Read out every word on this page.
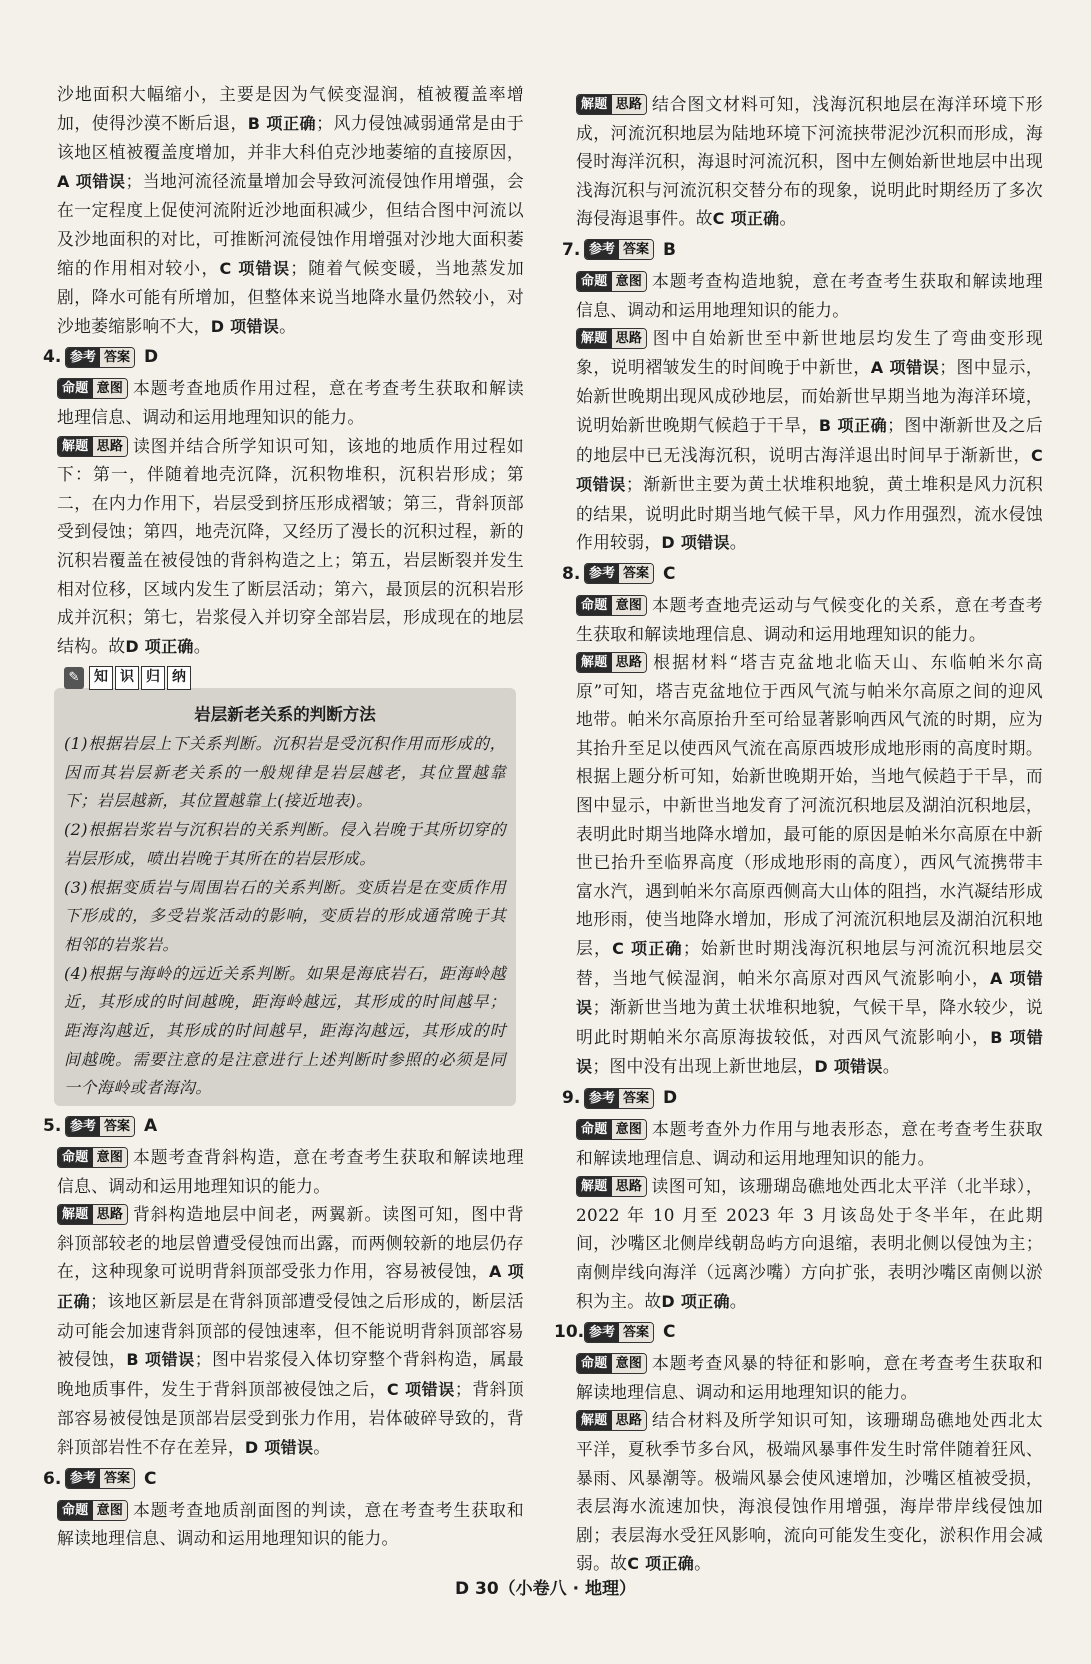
沙地面积大幅缩小，主要是因为气候变湿润，植被覆盖率增加，使得沙漠不断后退，B 项正确；风力侵蚀减弱通常是由于该地区植被覆盖度增加，并非大科伯克沙地萎缩的直接原因，A 项错误；当地河流径流量增加会导致河流侵蚀作用增强，会在一定程度上促使河流附近沙地面积减少，但结合图中河流以及沙地面积的对比，可推断河流侵蚀作用增强对沙地大面积萎缩的作用相对较小，C 项错误；随着气候变暖，当地蒸发加剧，降水可能有所增加，但整体来说当地降水量仍然较小，对沙地萎缩影响不大，D 项错误。

4. 参考 答案 D

命题 意图 本题考查地质作用过程，意在考查考生获取和解读地理信息、调动和运用地理知识的能力。

解题 思路 读图并结合所学知识可知，该地的地质作用过程如下：第一，伴随着地壳沉降，沉积物堆积，沉积岩形成；第二，在内力作用下，岩层受到挤压形成褶皱；第三，背斜顶部受到侵蚀；第四，地壳沉降，又经历了漫长的沉积过程，新的沉积岩覆盖在被侵蚀的背斜构造之上；第五，岩层断裂并发生相对位移，区域内发生了断层活动；第六，最顶层的沉积岩形成并沉积；第七，岩浆侵入并切穿全部岩层，形成现在的地层结构。故D 项正确。

岩层新老关系的判断方法

(1)根据岩层上下关系判断。沉积岩是受沉积作用而形成的，因而其岩层新老关系的一般规律是岩层越老，其位置越靠下；岩层越新，其位置越靠上(接近地表)。

(2)根据岩浆岩与沉积岩的关系判断。侵入岩晚于其所切穿的岩层形成，喷出岩晚于其所在的岩层形成。

(3)根据变质岩与周围岩石的关系判断。变质岩是在变质作用下形成的，多受岩浆活动的影响，变质岩的形成通常晚于其相邻的岩浆岩。

(4)根据与海岭的远近关系判断。如果是海底岩石，距海岭越近，其形成的时间越晚，距海岭越远，其形成的时间越早；距海沟越近，其形成的时间越早，距海沟越远，其形成的时间越晚。需要注意的是注意进行上述判断时参照的必须是同一个海岭或者海沟。

✎	知 识 归 纳
5. 参考 答案 A

命题 意图 本题考查背斜构造，意在考查考生获取和解读地理信息、调动和运用地理知识的能力。

解题 思路 背斜构造地层中间老，两翼新。读图可知，图中背斜顶部较老的地层曾遭受侵蚀而出露，而两侧较新的地层仍存在，这种现象可说明背斜顶部受张力作用，容易被侵蚀，A 项正确；该地区新层是在背斜顶部遭受侵蚀之后形成的，断层活动可能会加速背斜顶部的侵蚀速率，但不能说明背斜顶部容易被侵蚀，B 项错误；图中岩浆侵入体切穿整个背斜构造，属最晚地质事件，发生于背斜顶部被侵蚀之后，C 项错误；背斜顶部容易被侵蚀是顶部岩层受到张力作用，岩体破碎导致的，背斜顶部岩性不存在差异，D 项错误。

6. 参考 答案 C

命题 意图 本题考查地质剖面图的判读，意在考查考生获取和解读地理信息、调动和运用地理知识的能力。

解题 思路 结合图文材料可知，浅海沉积地层在海洋环境下形成，河流沉积地层为陆地环境下河流挟带泥沙沉积而形成，海侵时海洋沉积，海退时河流沉积，图中左侧始新世地层中出现浅海沉积与河流沉积交替分布的现象，说明此时期经历了多次海侵海退事件。故C 项正确。

7. 参考 答案 B

命题 意图 本题考查构造地貌，意在考查考生获取和解读地理信息、调动和运用地理知识的能力。

解题 思路 图中自始新世至中新世地层均发生了弯曲变形现象，说明褶皱发生的时间晚于中新世，A 项错误；图中显示，始新世晚期出现风成砂地层，而始新世早期当地为海洋环境，说明始新世晚期气候趋于干旱，B 项正确；图中渐新世及之后的地层中已无浅海沉积，说明古海洋退出时间早于渐新世，C 项错误；渐新世主要为黄土状堆积地貌，黄土堆积是风力沉积的结果，说明此时期当地气候干旱，风力作用强烈，流水侵蚀作用较弱，D 项错误。

8. 参考 答案 C

命题 意图 本题考查地壳运动与气候变化的关系，意在考查考生获取和解读地理信息、调动和运用地理知识的能力。

解题 思路 根据材料“塔吉克盆地北临天山、东临帕米尔高原”可知，塔吉克盆地位于西风气流与帕米尔高原之间的迎风地带。帕米尔高原抬升至可给显著影响西风气流的时期，应为其抬升至足以使西风气流在高原西坡形成地形雨的高度时期。根据上题分析可知，始新世晚期开始，当地气候趋于干旱，而图中显示，中新世当地发育了河流沉积地层及湖泊沉积地层，表明此时期当地降水增加，最可能的原因是帕米尔高原在中新世已抬升至临界高度（形成地形雨的高度），西风气流携带丰富水汽，遇到帕米尔高原西侧高大山体的阻挡，水汽凝结形成地形雨，使当地降水增加，形成了河流沉积地层及湖泊沉积地层，C 项正确；始新世时期浅海沉积地层与河流沉积地层交替，当地气候湿润，帕米尔高原对西风气流影响小，A 项错误；渐新世当地为黄土状堆积地貌，气候干旱，降水较少，说明此时期帕米尔高原海拔较低，对西风气流影响小，B 项错误；图中没有出现上新世地层，D 项错误。

9. 参考 答案 D

命题 意图 本题考查外力作用与地表形态，意在考查考生获取和解读地理信息、调动和运用地理知识的能力。

解题 思路 读图可知，该珊瑚岛礁地处西北太平洋（北半球），2022 年 10 月至 2023 年 3 月该岛处于冬半年，在此期间，沙嘴区北侧岸线朝岛屿方向退缩，表明北侧以侵蚀为主；南侧岸线向海洋（远离沙嘴）方向扩张，表明沙嘴区南侧以淤积为主。故D 项正确。

10. 参考 答案 C

命题 意图 本题考查风暴的特征和影响，意在考查考生获取和解读地理信息、调动和运用地理知识的能力。

解题 思路 结合材料及所学知识可知，该珊瑚岛礁地处西北太平洋，夏秋季节多台风，极端风暴事件发生时常伴随着狂风、暴雨、风暴潮等。极端风暴会使风速增加，沙嘴区植被受损，表层海水流速加快，海浪侵蚀作用增强，海岸带岸线侵蚀加剧；表层海水受狂风影响，流向可能发生变化，淤积作用会减弱。故C 项正确。

D 30（小卷八 · 地理）
